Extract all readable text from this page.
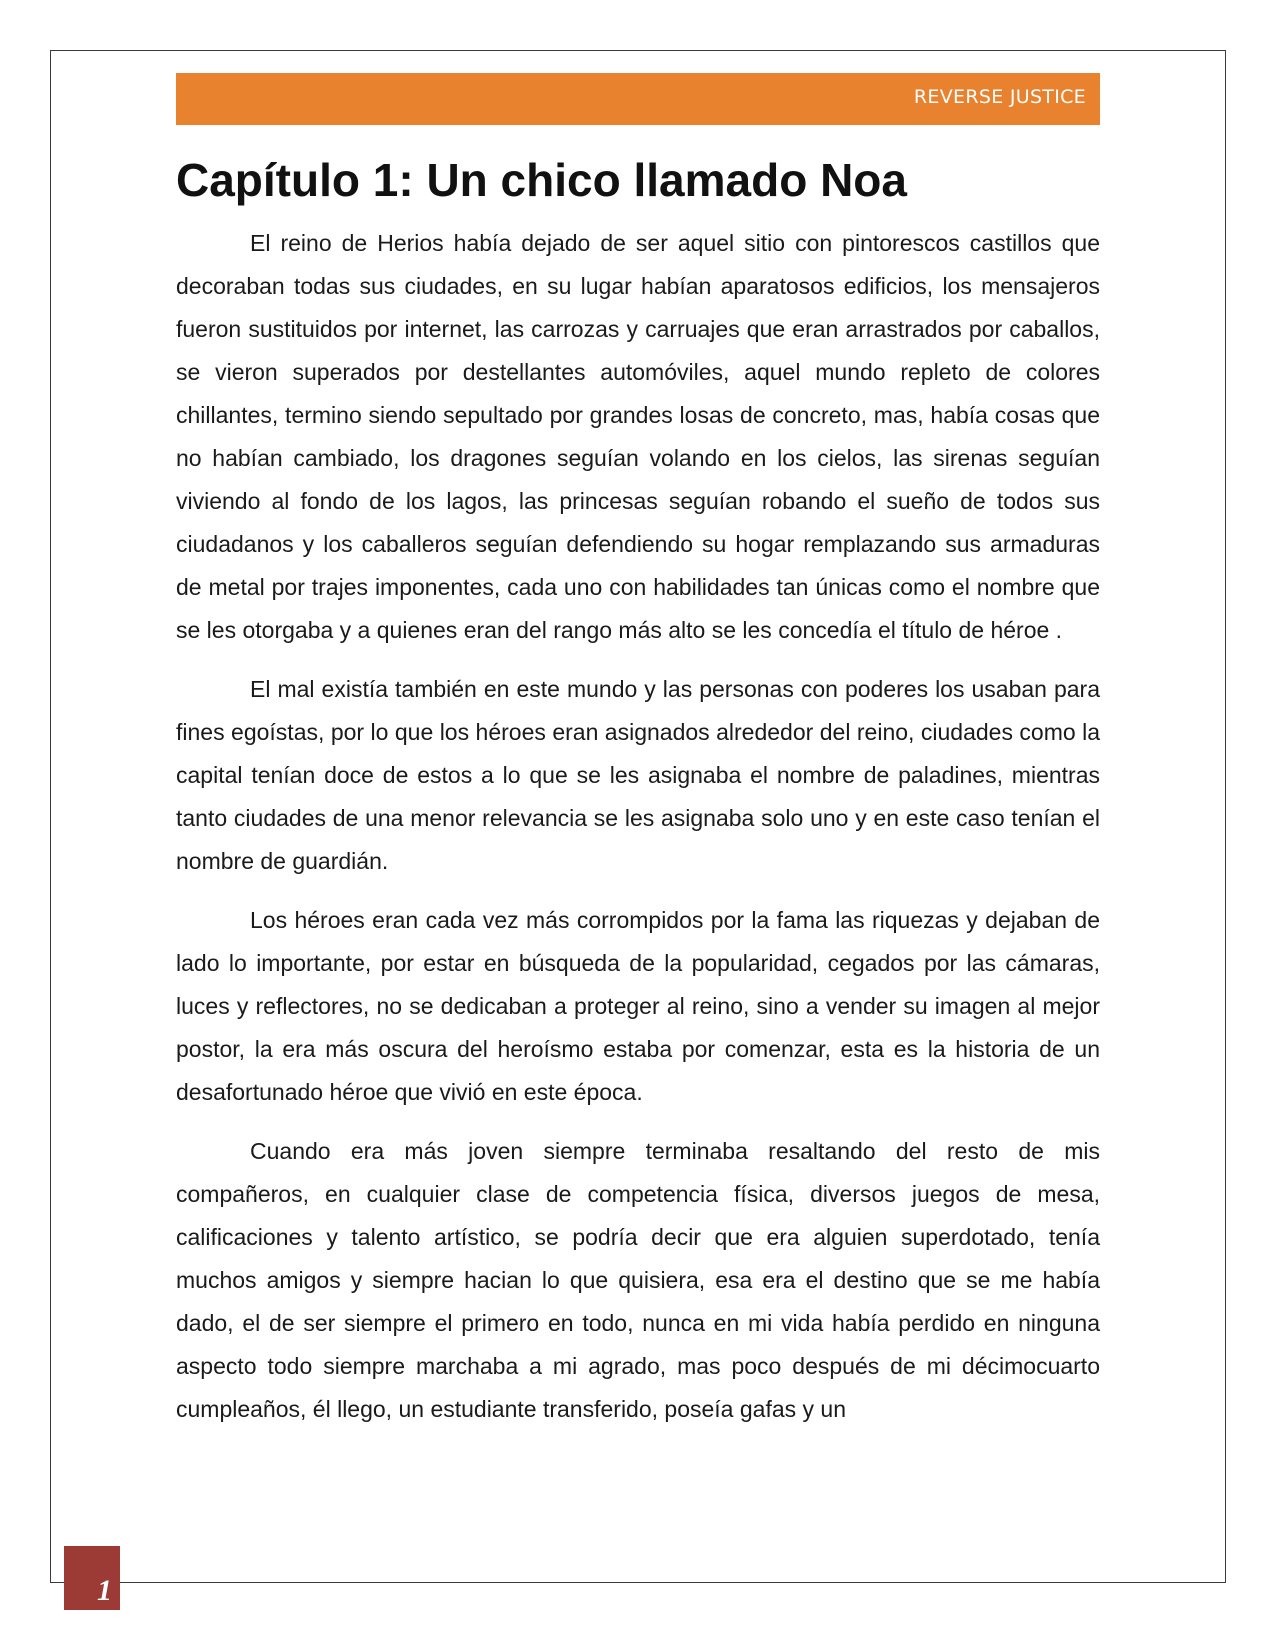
REVERSE JUSTICE
Capítulo 1: Un chico llamado Noa

El reino de Herios había dejado de ser aquel sitio con pintorescos castillos que decoraban todas sus ciudades, en su lugar habían aparatosos edificios, los mensajeros fueron sustituidos por internet, las carrozas y carruajes que eran arrastrados por caballos, se vieron superados por destellantes automóviles, aquel mundo repleto de colores chillantes, termino siendo sepultado por grandes losas de concreto, mas, había cosas que no habían cambiado, los dragones seguían volando en los cielos, las sirenas seguían viviendo al fondo de los lagos, las princesas seguían robando el sueño de todos sus ciudadanos y los caballeros seguían defendiendo su hogar remplazando sus armaduras de metal por trajes imponentes, cada uno con habilidades tan únicas como el nombre que se les otorgaba y a quienes eran del rango más alto se les concedía el título de héroe .

El mal existía también en este mundo y las personas con poderes los usaban para fines egoístas, por lo que los héroes eran asignados alrededor del reino, ciudades como la capital tenían doce de estos a lo que se les asignaba el nombre de paladines, mientras tanto ciudades de una menor relevancia se les asignaba solo uno y en este caso tenían el nombre de guardián.

Los héroes eran cada vez más corrompidos por la fama las riquezas y dejaban de lado lo importante, por estar en búsqueda de la popularidad, cegados por las cámaras, luces y reflectores, no se dedicaban a proteger al reino, sino a vender su imagen al mejor postor, la era más oscura del heroísmo estaba por comenzar, esta es la historia de un desafortunado héroe que vivió en este época.

Cuando era más joven siempre terminaba resaltando del resto de mis compañeros, en cualquier clase de competencia física, diversos juegos de mesa, calificaciones y talento artístico, se podría decir que era alguien superdotado, tenía muchos amigos y siempre hacian lo que quisiera, esa era el destino que se me había dado, el de ser siempre el primero en todo, nunca en mi vida había perdido en ninguna aspecto todo siempre marchaba a mi agrado, mas poco después de mi décimocuarto cumpleaños, él llego, un estudiante transferido, poseía gafas y un

1
